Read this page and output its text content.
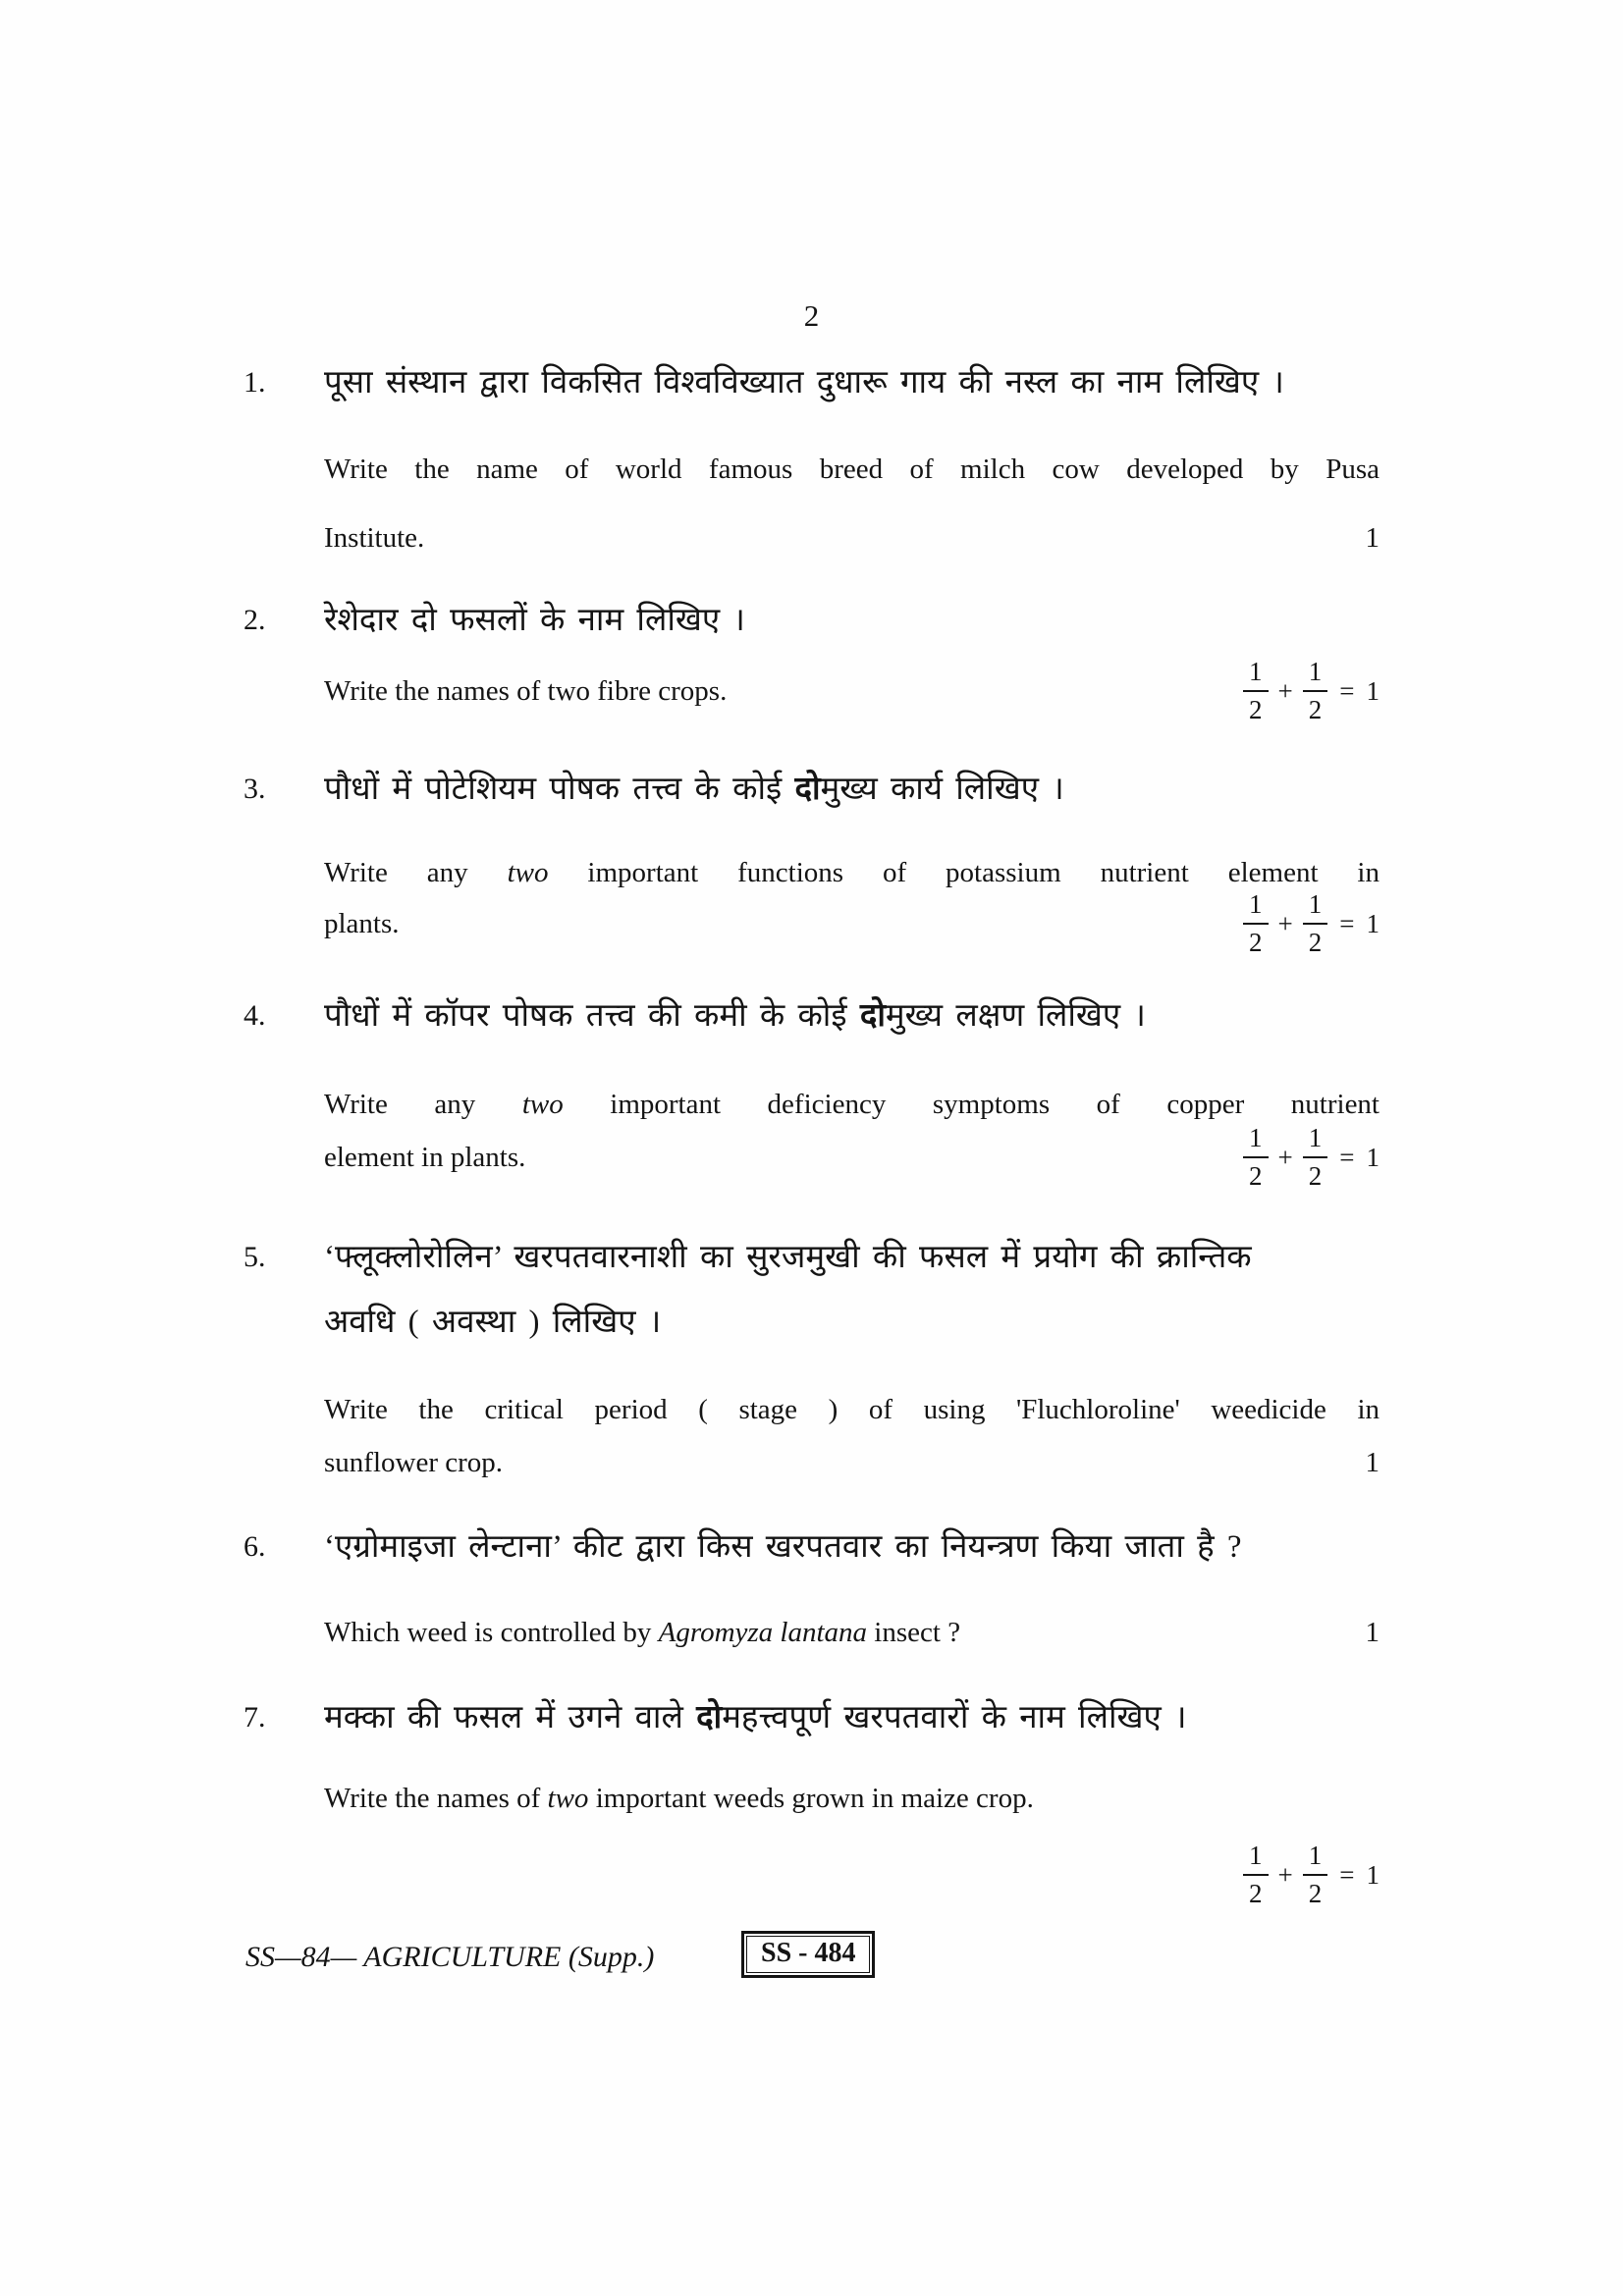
2
1.	पूसा संस्थान द्वारा विकसित विश्वविख्यात दुधारू गाय की नस्ल का नाम लिखिए ।
Write the name of world famous breed of milch cow developed by Pusa
Institute.	1
2.	रेशेदार दो फसलों के नाम लिखिए ।
Write the names of two fibre crops.	$\frac{1}{2} + \frac{1}{2} = 1$
3.	पौधों में पोटेशियम पोषक तत्त्व के कोई दोमुख्य कार्य लिखिए ।
Write any two important functions of potassium nutrient element in
plants.	$\frac{1}{2} + \frac{1}{2} = 1$
4.	पौधों में कॉपर पोषक तत्त्व की कमी के कोई दोमुख्य लक्षण लिखिए ।
Write any two important deficiency symptoms of copper nutrient
element in plants.	$\frac{1}{2} + \frac{1}{2} = 1$
5.	‘फ्लूक्लोरोलिन’ खरपतवारनाशी का सुरजमुखी की फसल में प्रयोग की क्रान्तिक
अवधि ( अवस्था ) लिखिए ।
Write the critical period ( stage ) of using 'Fluchloroline' weedicide in
sunflower crop.	1
6.	‘एग्रोमाइजा लेन्टाना’ कीट द्वारा किस खरपतवार का नियन्त्रण किया जाता है ?
Which weed is controlled by Agromyza lantana insect ?	1
7.	मक्का की फसल में उगने वाले दोमहत्त्वपूर्ण खरपतवारों के नाम लिखिए ।
Write the names of two important weeds grown in maize crop.
$\frac{1}{2} + \frac{1}{2} = 1$
SS—84— AGRICULTURE (Supp.)	SS - 484
